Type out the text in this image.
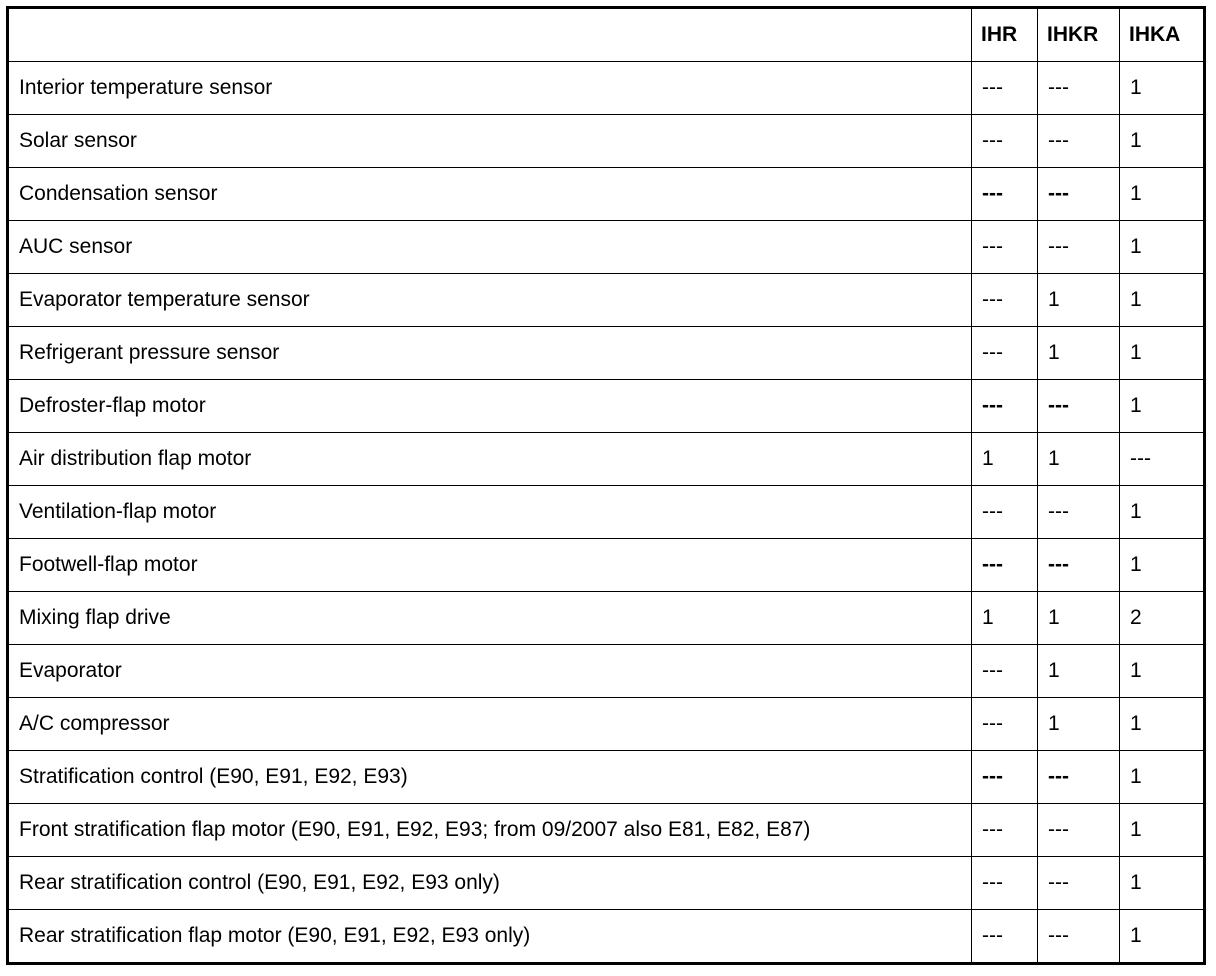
	IHR	IHKR	IHKA
Interior temperature sensor	---	---	1
Solar sensor	---	---	1
Condensation sensor	---	---	1
AUC sensor	---	---	1
Evaporator temperature sensor	---	1	1
Refrigerant pressure sensor	---	1	1
Defroster-flap motor	---	---	1
Air distribution flap motor	1	1	---
Ventilation-flap motor	---	---	1
Footwell-flap motor	---	---	1
Mixing flap drive	1	1	2
Evaporator	---	1	1
A/C compressor	---	1	1
Stratification control (E90, E91, E92, E93)	---	---	1
Front stratification flap motor (E90, E91, E92, E93; from 09/2007 also E81, E82, E87)	---	---	1
Rear stratification control (E90, E91, E92, E93 only)	---	---	1
Rear stratification flap motor (E90, E91, E92, E93 only)	---	---	1
